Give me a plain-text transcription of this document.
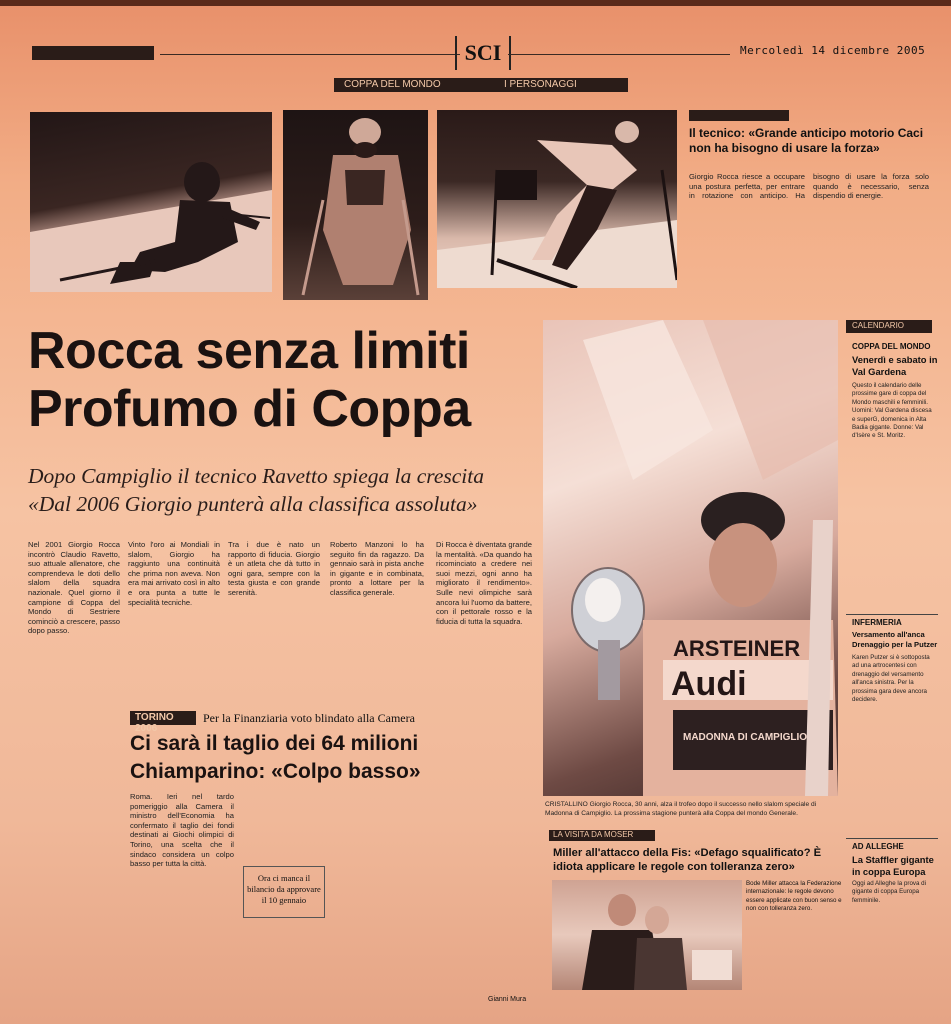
SCI	Mercoledì 14 dicembre 2005
COPPA DEL MONDO	I PERSONAGGI
Il tecnico: «Grande anticipo motorio Caci non ha bisogno di usare la forza»
Giorgio Rocca riesce a occupare una postura perfetta, per entrare in rotazione con anticipo. Ha bisogno di usare la forza solo quando è necessario, senza dispendio di energie.
Rocca senza limiti
Profumo di Coppa
Dopo Campiglio il tecnico Ravetto spiega la crescita
«Dal 2006 Giorgio punterà alla classifica assoluta»
Nel 2001 Giorgio Rocca incontrò Claudio Ravetto, suo attuale allenatore, che comprendeva le doti dello slalom della squadra nazionale. Quel giorno il campione di Coppa del Mondo di Sestriere cominciò a crescere, passo dopo passo.
Vinto l'oro ai Mondiali in slalom, Giorgio ha raggiunto una continuità che prima non aveva. Non era mai arrivato così in alto e ora punta a tutte le specialità tecniche.
Tra i due è nato un rapporto di fiducia. Giorgio è un atleta che dà tutto in ogni gara, sempre con la testa giusta e con grande serenità.
Roberto Manzoni lo ha seguito fin da ragazzo. Da gennaio sarà in pista anche in gigante e in combinata, pronto a lottare per la classifica generale.
Di Rocca è diventata grande la mentalità. «Da quando ha ricominciato a credere nei suoi mezzi, ogni anno ha migliorato il rendimento». Sulle nevi olimpiche sarà ancora lui l'uomo da battere, con il pettorale rosso e la fiducia di tutta la squadra.
TORINO 2006
Per la Finanziaria voto blindato alla Camera
Ci sarà il taglio dei 64 milioni
Chiamparino: «Colpo basso»
Roma. Ieri nel tardo pomeriggio alla Camera il ministro dell'Economia ha confermato il taglio dei fondi destinati ai Giochi olimpici di Torino, una scelta che il sindaco considera un colpo basso per tutta la città.
Ora ci manca il bilancio da approvare il 10 gennaio
Gianni Mura
ARSTEINER
Audi
MADONNA DI CAMPIGLIO
CRISTALLINO Giorgio Rocca, 30 anni, alza il trofeo dopo il successo nello slalom speciale di Madonna di Campiglio. La prossima stagione punterà alla Coppa del mondo Generale.
CALENDARIO
COPPA DEL MONDO
Venerdì e sabato in Val Gardena
Questo il calendario delle prossime gare di coppa del Mondo maschili e femminili. Uomini: Val Gardena discesa e superG, domenica in Alta Badia gigante. Donne: Val d'Isère e St. Moritz.
INFERMERIA
Versamento all'anca Drenaggio per la Putzer
Karen Putzer si è sottoposta ad una artrocentesi con drenaggio del versamento all'anca sinistra. Per la prossima gara deve ancora decidere.
AD ALLEGHE
La Staffler gigante in coppa Europa
Oggi ad Alleghe la prova di gigante di coppa Europa femminile.
LA VISITA DA MOSER
Miller all'attacco della Fis: «Defago squalificato? È idiota applicare le regole con tolleranza zero»
Bode Miller attacca la Federazione internazionale: le regole devono essere applicate con buon senso e non con tolleranza zero.
